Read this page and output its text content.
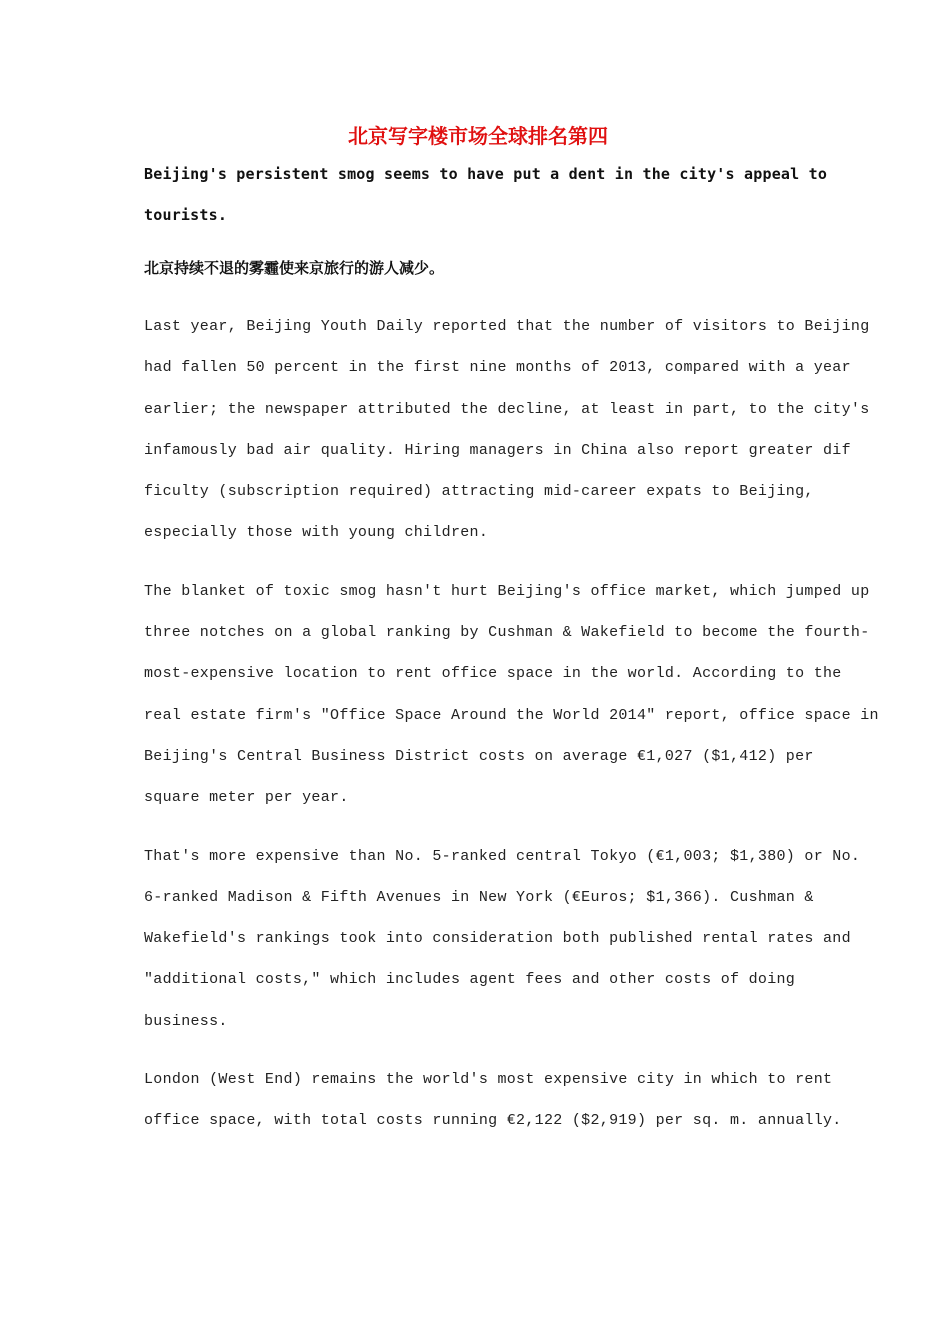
北京写字楼市场全球排名第四

Beijing's persistent smog seems to have put a dent in the city's appeal to
tourists.

北京持续不退的雾霾使来京旅行的游人减少。

Last year, Beijing Youth Daily reported that the number of visitors to Beijing
had fallen 50 percent in the first nine months of 2013, compared with a year
earlier; the newspaper attributed the decline, at least in part, to the city's
infamously bad air quality. Hiring managers in China also report greater dif
ficulty (subscription required) attracting mid-career expats to Beijing,
especially those with young children.

The blanket of toxic smog hasn't hurt Beijing's office market, which jumped up
three notches on a global ranking by Cushman & Wakefield to become the fourth-
most-expensive location to rent office space in the world. According to the
real estate firm's "Office Space Around the World 2014" report, office space in
Beijing's Central Business District costs on average €1,027 ($1,412) per
square meter per year.

That's more expensive than No. 5-ranked central Tokyo (€1,003; $1,380) or No.
6-ranked Madison & Fifth Avenues in New York (€Euros; $1,366). Cushman &
Wakefield's rankings took into consideration both published rental rates and
"additional costs," which includes agent fees and other costs of doing
business.

London (West End) remains the world's most expensive city in which to rent
office space, with total costs running €2,122 ($2,919) per sq. m. annually.
